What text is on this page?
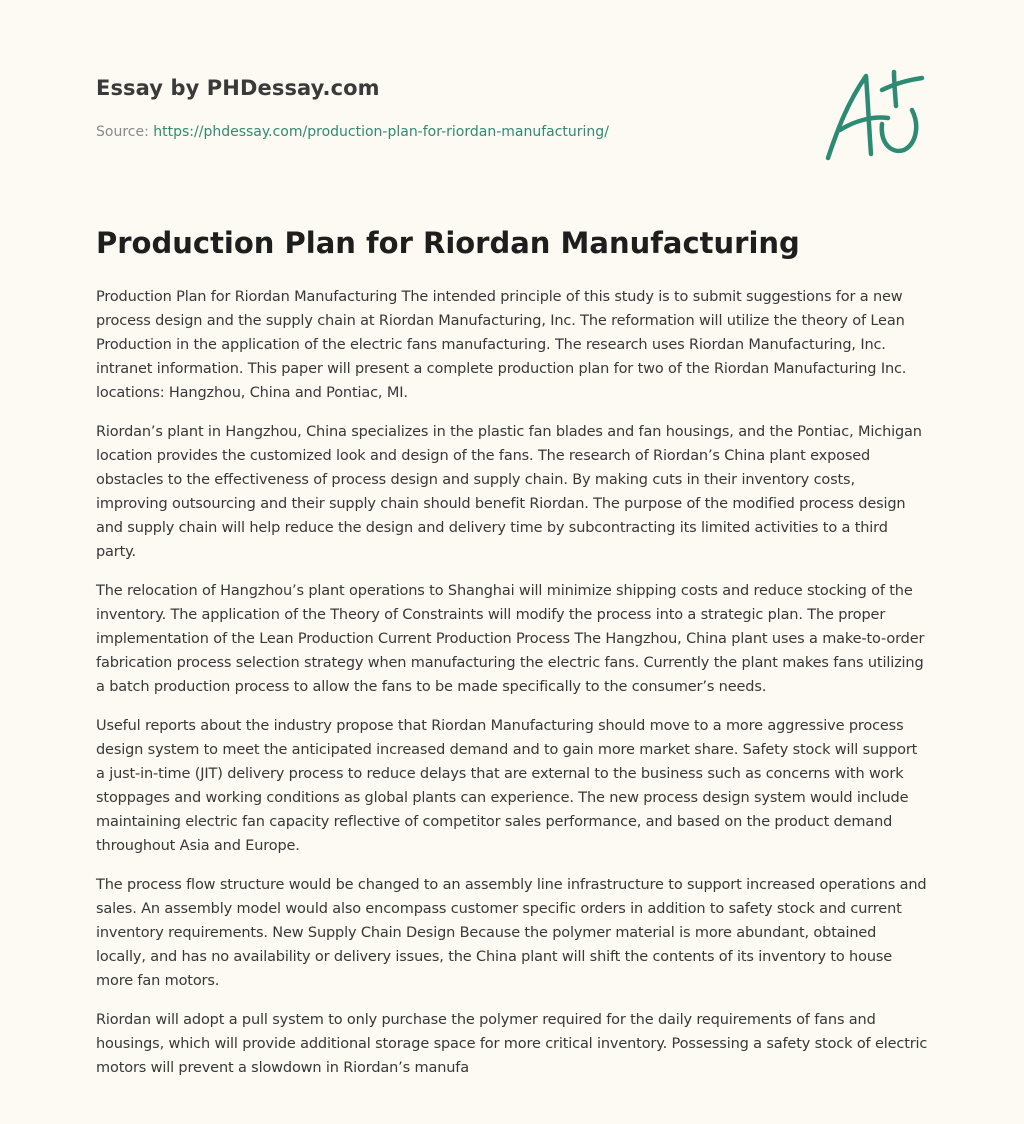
Essay by PHDessay.com
Source: https://phdessay.com/production-plan-for-riordan-manufacturing/
Production Plan for Riordan Manufacturing

Production Plan for Riordan Manufacturing The intended principle of this study is to submit suggestions for a new process design and the supply chain at Riordan Manufacturing, Inc. The reformation will utilize the theory of Lean Production in the application of the electric fans manufacturing. The research uses Riordan Manufacturing, Inc. intranet information. This paper will present a complete production plan for two of the Riordan Manufacturing Inc. locations: Hangzhou, China and Pontiac, MI.

Riordan’s plant in Hangzhou, China specializes in the plastic fan blades and fan housings, and the Pontiac, Michigan location provides the customized look and design of the fans. The research of Riordan’s China plant exposed obstacles to the effectiveness of process design and supply chain. By making cuts in their inventory costs, improving outsourcing and their supply chain should benefit Riordan. The purpose of the modified process design and supply chain will help reduce the design and delivery time by subcontracting its limited activities to a third party.

The relocation of Hangzhou’s plant operations to Shanghai will minimize shipping costs and reduce stocking of the inventory. The application of the Theory of Constraints will modify the process into a strategic plan. The proper implementation of the Lean Production Current Production Process The Hangzhou, China plant uses a make-to-order fabrication process selection strategy when manufacturing the electric fans. Currently the plant makes fans utilizing a batch production process to allow the fans to be made specifically to the consumer’s needs.

Useful reports about the industry propose that Riordan Manufacturing should move to a more aggressive process design system to meet the anticipated increased demand and to gain more market share. Safety stock will support a just-in-time (JIT) delivery process to reduce delays that are external to the business such as concerns with work stoppages and working conditions as global plants can experience. The new process design system would include maintaining electric fan capacity reflective of competitor sales performance, and based on the product demand throughout Asia and Europe.

The process flow structure would be changed to an assembly line infrastructure to support increased operations and sales. An assembly model would also encompass customer specific orders in addition to safety stock and current inventory requirements. New Supply Chain Design Because the polymer material is more abundant, obtained locally, and has no availability or delivery issues, the China plant will shift the contents of its inventory to house more fan motors.

Riordan will adopt a pull system to only purchase the polymer required for the daily requirements of fans and housings, which will provide additional storage space for more critical inventory. Possessing a safety stock of electric motors will prevent a slowdown in Riordan’s manufa
